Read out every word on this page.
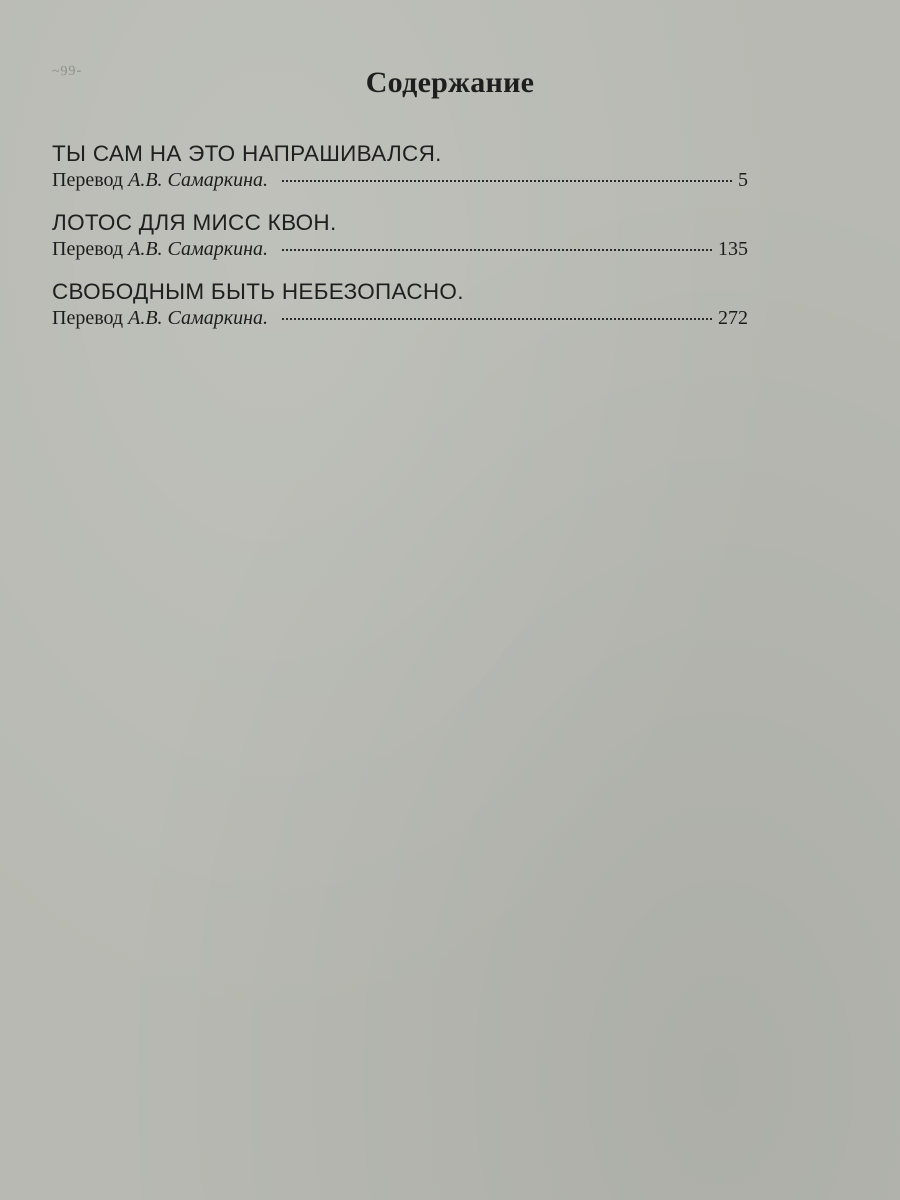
~99-	Содержание
ТЫ САМ НА ЭТО НАПРАШИВАЛСЯ.
Перевод А.В. Самаркина.	5
ЛОТОС ДЛЯ МИСС КВОН.
Перевод А.В. Самаркина.	135
СВОБОДНЫМ БЫТЬ НЕБЕЗОПАСНО.
Перевод А.В. Самаркина.	272
